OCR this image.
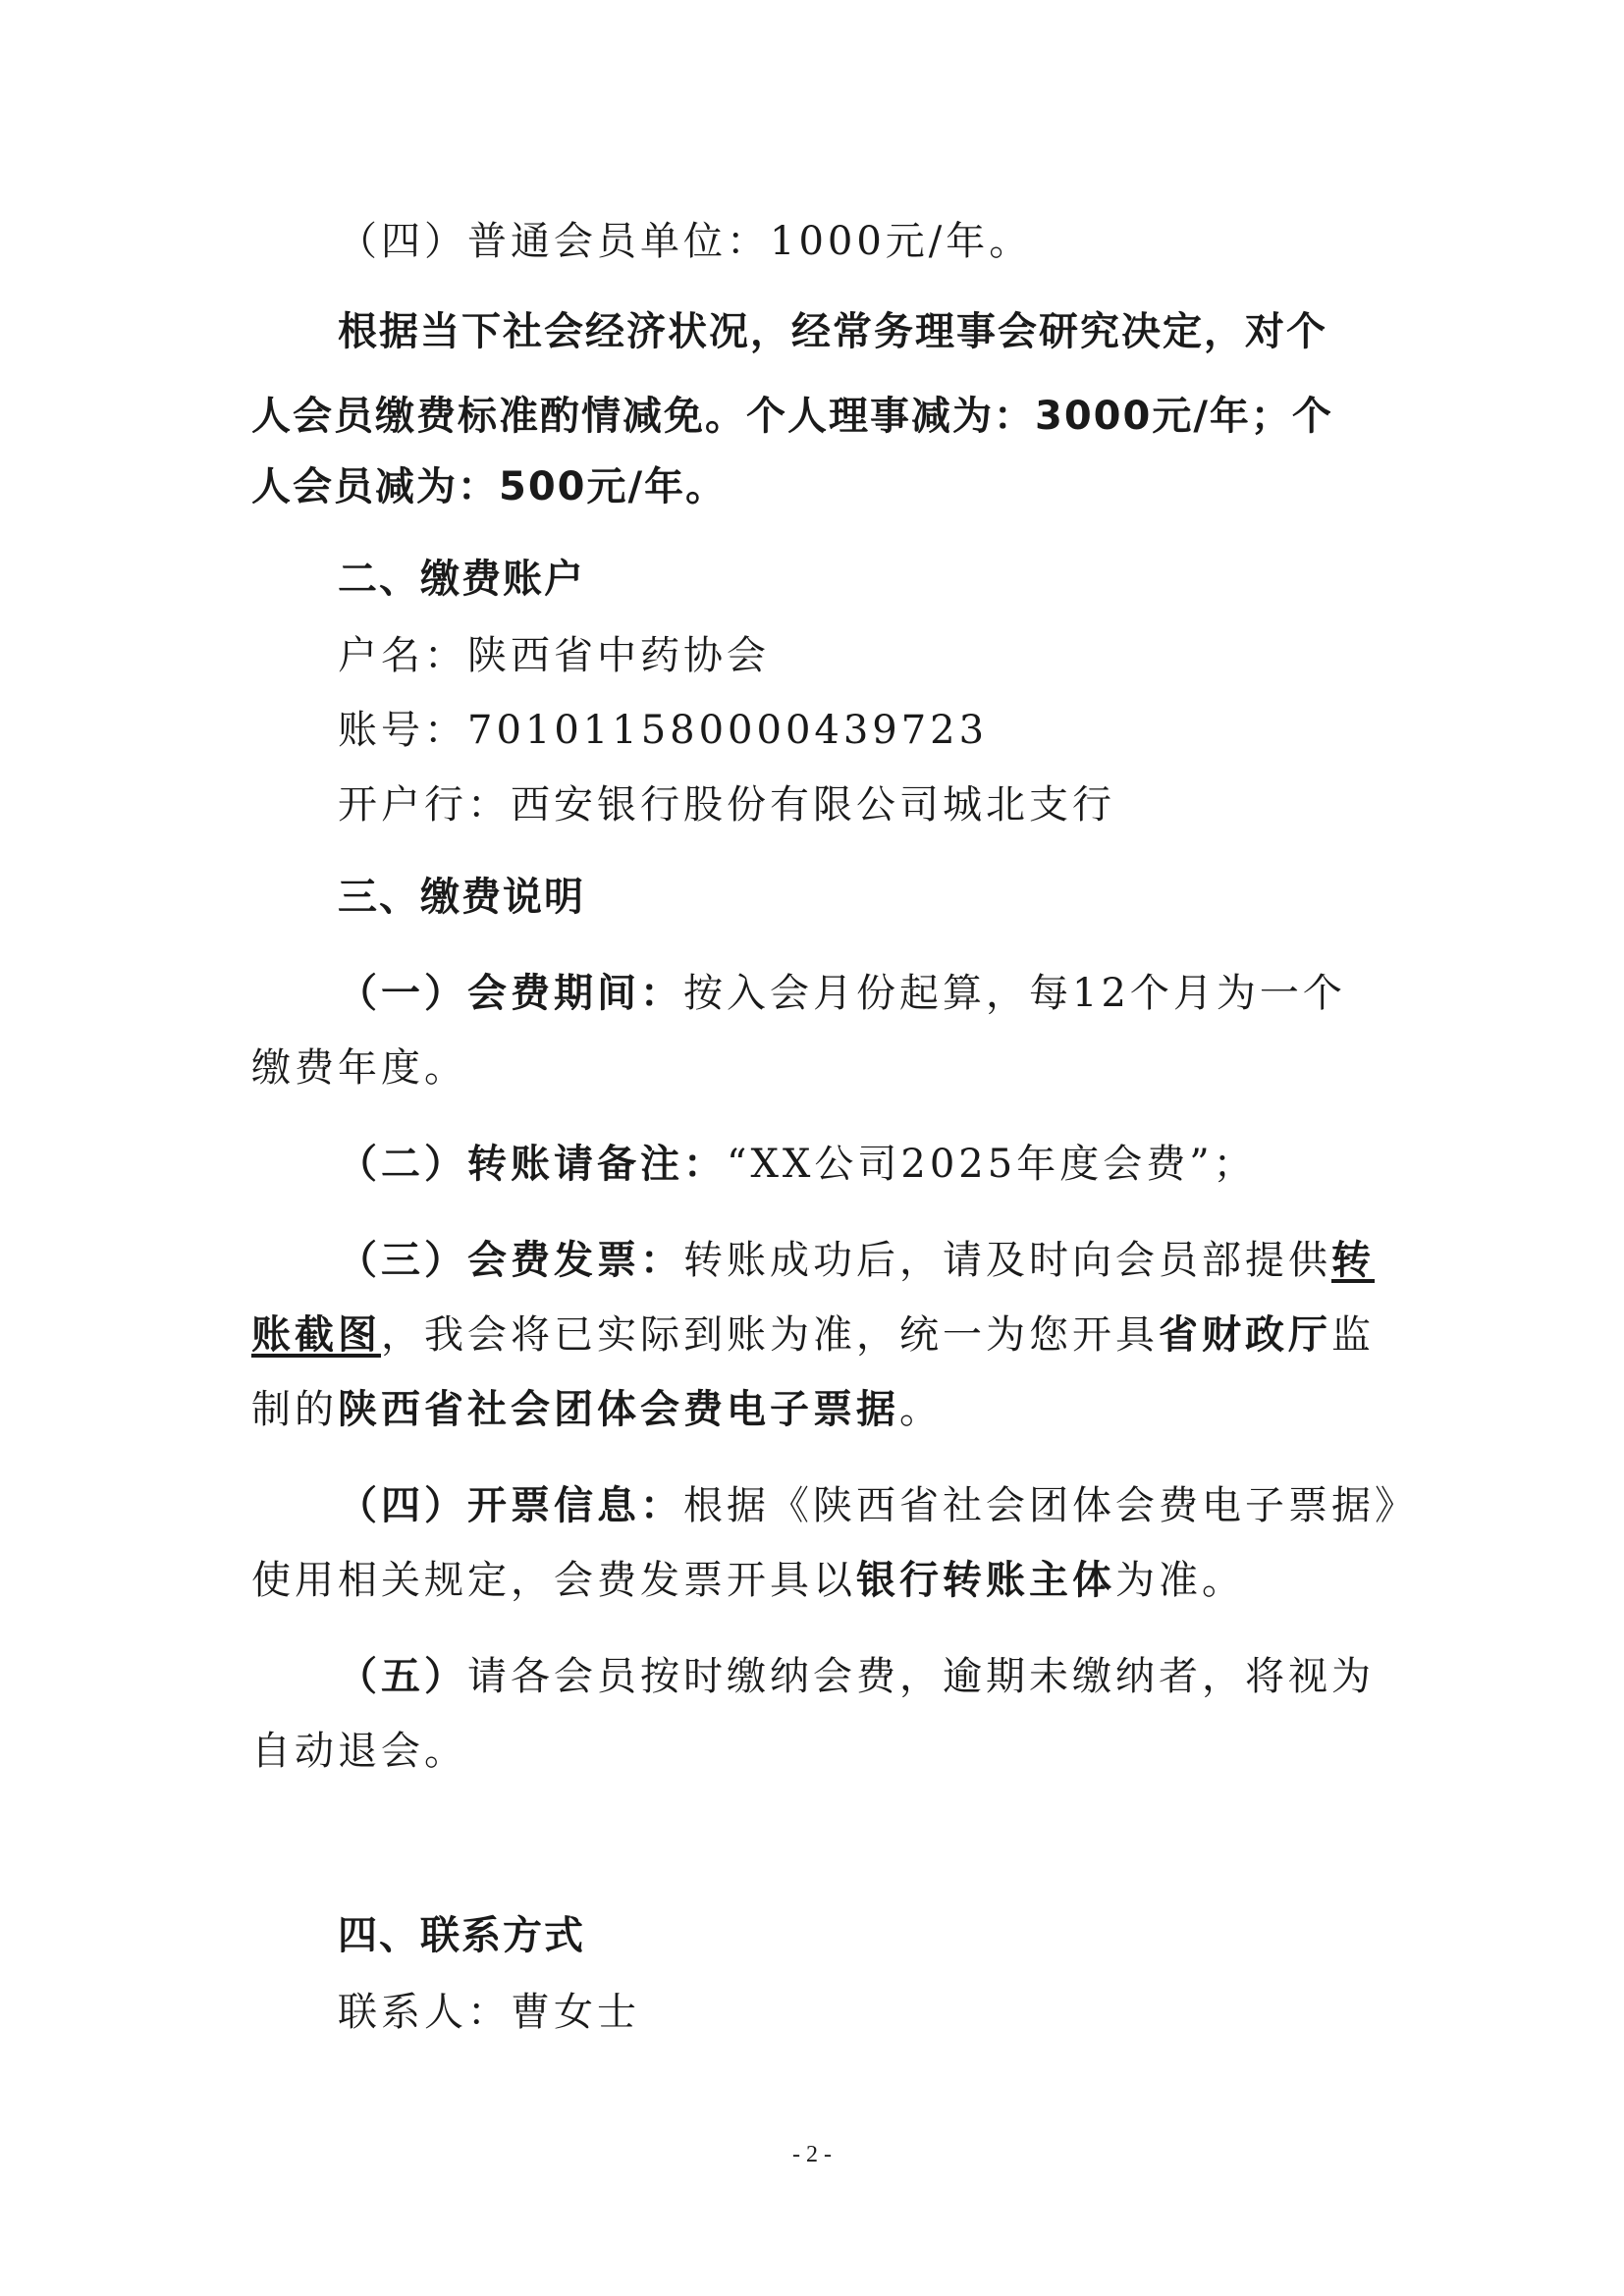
（四）普通会员单位：1000元/年。
根据当下社会经济状况，经常务理事会研究决定，对个
人会员缴费标准酌情减免。个人理事减为：3000元/年；个
人会员减为：500元/年。
二、缴费账户
户名：陕西省中药协会
账号：701011580000439723
开户行：西安银行股份有限公司城北支行
三、缴费说明
（一）会费期间：按入会月份起算，每12个月为一个
缴费年度。
（二）转账请备注：“XX公司2025年度会费”；
（三）会费发票：转账成功后，请及时向会员部提供转
账截图，我会将已实际到账为准，统一为您开具省财政厅监
制的陕西省社会团体会费电子票据。
（四）开票信息：根据《陕西省社会团体会费电子票据》
使用相关规定，会费发票开具以银行转账主体为准。
（五）请各会员按时缴纳会费，逾期未缴纳者，将视为
自动退会。
四、联系方式
联系人：曹女士
- 2 -
